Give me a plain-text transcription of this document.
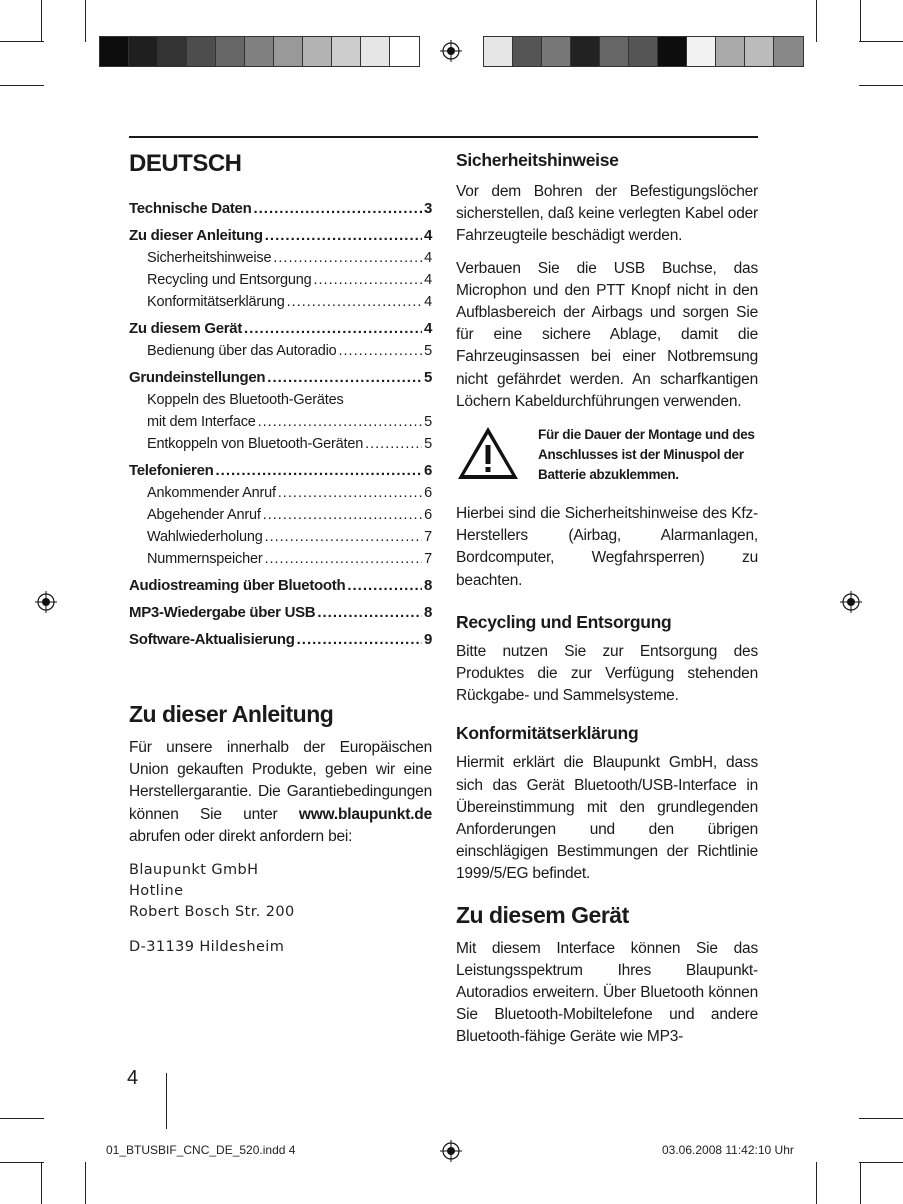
DEUTSCH
Technische Daten .....	3
Zu dieser Anleitung .....	4
Sicherheitshinweise .....	4
Recycling und Entsorgung .....	4
Konformitätserklärung .....	4
Zu diesem Gerät .....	4
Bedienung über das Autoradio .....	5
Grundeinstellungen .....	5
Koppeln des Bluetooth-Gerätes
mit dem Interface .....	5
Entkoppeln von Bluetooth-Geräten .....	5
Telefonieren .....	6
Ankommender Anruf .....	6
Abgehender Anruf .....	6
Wahlwiederholung .....	7
Nummernspeicher .....	7
Audiostreaming über Bluetooth .....	8
MP3-Wiedergabe über USB .....	8
Software-Aktualisierung .....	9
Zu dieser Anleitung

Für unsere innerhalb der Europäischen Union gekauften Produkte, geben wir eine Herstellergarantie. Die Garantiebedingungen können Sie unter www.blaupunkt.de abrufen oder direkt anfordern bei:

Blaupunkt GmbH
Hotline
Robert Bosch Str. 200
D-31139 Hildesheim
Sicherheitshinweise

Vor dem Bohren der Befestigungslöcher sicherstellen, daß keine verlegten Kabel oder Fahrzeugteile beschädigt werden.

Verbauen Sie die USB Buchse, das Microphon und den PTT Knopf nicht in den Aufblasbereich der Airbags und sorgen Sie für eine sichere Ablage, damit die Fahrzeuginsassen bei einer Notbremsung nicht gefährdet werden. An scharfkantigen Löchern Kabeldurchführungen verwenden.

Für die Dauer der Montage und des Anschlusses ist der Minuspol der Batterie abzuklemmen.

Hierbei sind die Sicherheitshinweise des Kfz- Herstellers (Airbag, Alarmanlagen, Bordcomputer, Wegfahrsperren) zu beachten.

Recycling und Entsorgung

Bitte nutzen Sie zur Entsorgung des Produktes die zur Verfügung stehenden Rückgabe- und Sammelsysteme.

Konformitätserklärung

Hiermit erklärt die Blaupunkt GmbH, dass sich das Gerät Bluetooth/USB-Interface in Übereinstimmung mit den grundlegenden Anforderungen und den übrigen einschlägigen Bestimmungen der Richtlinie 1999/5/EG befindet.

Zu diesem Gerät

Mit diesem Interface können Sie das Leistungsspektrum Ihres Blaupunkt-Autoradios erweitern. Über Bluetooth können Sie Bluetooth-Mobiltelefone und andere Bluetooth-fähige Geräte wie MP3-

4
01_BTUSBIF_CNC_DE_520.indd 4	03.06.2008 11:42:10 Uhr
